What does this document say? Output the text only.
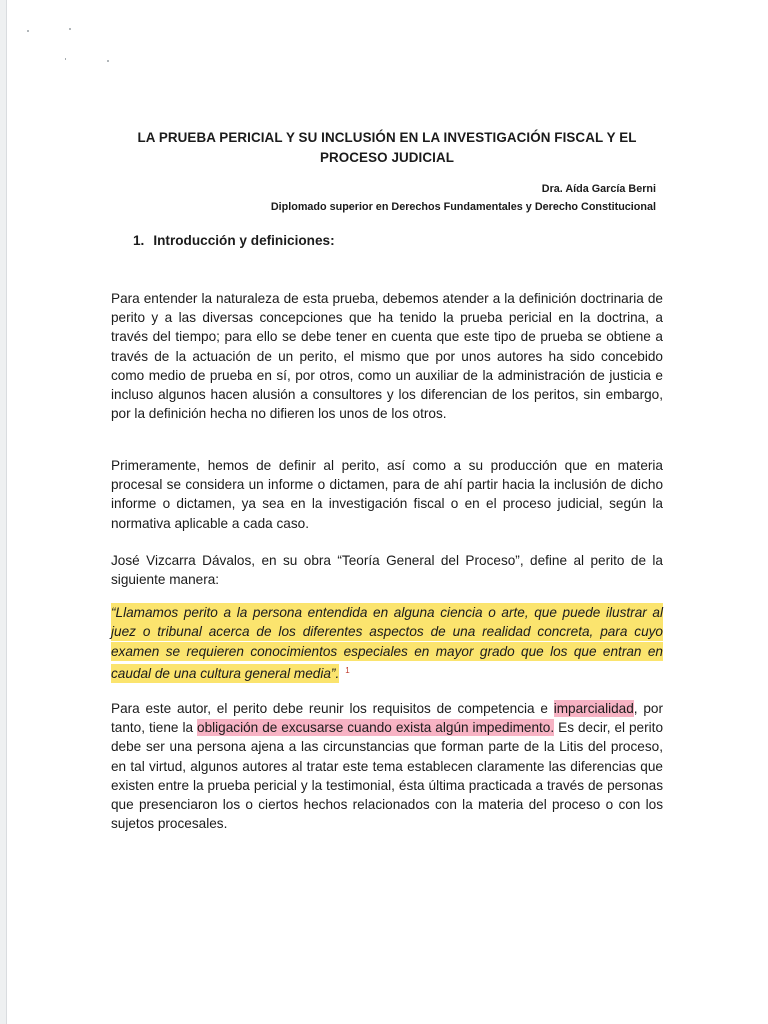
LA PRUEBA PERICIAL Y SU INCLUSIÓN EN LA INVESTIGACIÓN FISCAL Y EL PROCESO JUDICIAL
Dra. Aída García Berni
Diplomado superior en Derechos Fundamentales y Derecho Constitucional
1. Introducción y definiciones:

Para entender la naturaleza de esta prueba, debemos atender a la definición doctrinaria de perito y a las diversas concepciones que ha tenido la prueba pericial en la doctrina, a través del tiempo; para ello se debe tener en cuenta que este tipo de prueba se obtiene a través de la actuación de un perito, el mismo que por unos autores ha sido concebido como medio de prueba en sí, por otros, como un auxiliar de la administración de justicia e incluso algunos hacen alusión a consultores y los diferencian de los peritos, sin embargo, por la definición hecha no difieren los unos de los otros.

Primeramente, hemos de definir al perito, así como a su producción que en materia procesal se considera un informe o dictamen, para de ahí partir hacia la inclusión de dicho informe o dictamen, ya sea en la investigación fiscal o en el proceso judicial, según la normativa aplicable a cada caso.

José Vizcarra Dávalos, en su obra “Teoría General del Proceso”, define al perito de la siguiente manera:

“Llamamos perito a la persona entendida en alguna ciencia o arte, que puede ilustrar al juez o tribunal acerca de los diferentes aspectos de una realidad concreta, para cuyo examen se requieren conocimientos especiales en mayor grado que los que entran en caudal de una cultura general media”. $^1$

Para este autor, el perito debe reunir los requisitos de competencia e imparcialidad, por tanto, tiene la obligación de excusarse cuando exista algún impedimento. Es decir, el perito debe ser una persona ajena a las circunstancias que forman parte de la Litis del proceso, en tal virtud, algunos autores al tratar este tema establecen claramente las diferencias que existen entre la prueba pericial y la testimonial, ésta última practicada a través de personas que presenciaron los o ciertos hechos relacionados con la materia del proceso o con los sujetos procesales.
